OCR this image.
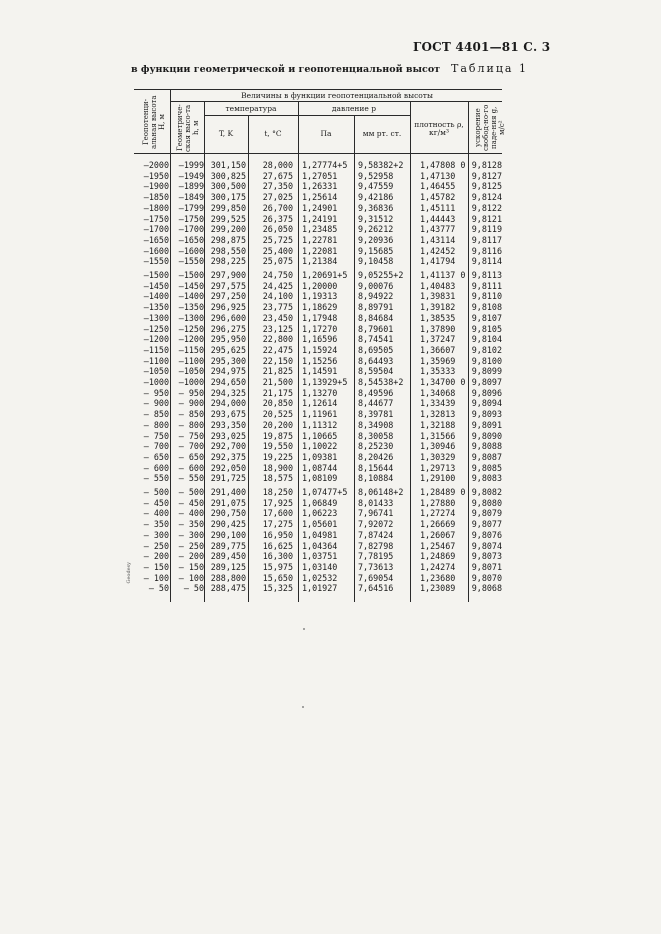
ГОСТ 4401—81 С. 3
в функции геометрической и геопотенциальной высот Таблица 1
Geodesy
Величины в функции геопотенциальной высоты
Геопотенци-альная высота H, м Геометриче-ская высо-та h, м
температура
T, K	t, °C
давление p
Па	мм рт. ст.
плотность ρ, кг/м³	ускорение свобод-но-го паде-ния g, м/с²
—2000	—1999 301,150	28,000 1,27774+5	9,58382+2	1,47808 0 9,8128
—1950	—1949 300,825	27,675 1,27051	9,52958	1,47130	9,8127
—1900	—1899 300,500	27,350 1,26331	9,47559	1,46455	9,8125
—1850	—1849 300,175	27,025 1,25614	9,42186	1,45782	9,8124
—1800	—1799 299,850	26,700 1,24901	9,36836	1,45111	9,8122
—1750	—1750 299,525	26,375 1,24191	9,31512	1,44443	9,8121
—1700	—1700 299,200	26,050 1,23485	9,26212	1,43777	9,8119
—1650	—1650 298,875	25,725 1,22781	9,20936	1,43114	9,8117
—1600	—1600 298,550	25,400 1,22081	9,15685	1,42452	9,8116
—1550	—1550 298,225	25,075 1,21384	9,10458	1,41794	9,8114
—1500	—1500 297,900	24,750 1,20691+5	9,05255+2	1,41137 0 9,8113
—1450	—1450 297,575	24,425 1,20000	9,00076	1,40483	9,8111
—1400	—1400 297,250	24,100 1,19313	8,94922	1,39831	9,8110
—1350	—1350 296,925	23,775 1,18629	8,89791	1,39182	9,8108
—1300	—1300 296,600	23,450 1,17948	8,84684	1,38535	9,8107
—1250	—1250 296,275	23,125 1,17270	8,79601	1,37890	9,8105
—1200	—1200 295,950	22,800 1,16596	8,74541	1,37247	9,8104
—1150	—1150 295,625	22,475 1,15924	8,69505	1,36607	9,8102
—1100	—1100 295,300	22,150 1,15256	8,64493	1,35969	9,8100
—1050	—1050 294,975	21,825 1,14591	8,59504	1,35333	9,8099
—1000	—1000 294,650	21,500 1,13929+5	8,54538+2	1,34700 0 9,8097
— 950	— 950 294,325	21,175 1,13270	8,49596	1,34068	9,8096
— 900	— 900 294,000	20,850 1,12614	8,44677	1,33439	9,8094
— 850	— 850 293,675	20,525 1,11961	8,39781	1,32813	9,8093
— 800	— 800 293,350	20,200 1,11312	8,34908	1,32188	9,8091
— 750	— 750 293,025	19,875 1,10665	8,30058	1,31566	9,8090
— 700	— 700 292,700	19,550 1,10022	8,25230	1,30946	9,8088
— 650	— 650 292,375	19,225 1,09381	8,20426	1,30329	9,8087
— 600	— 600 292,050	18,900 1,08744	8,15644	1,29713	9,8085
— 550	— 550 291,725	18,575 1,08109	8,10884	1,29100	9,8083
— 500	— 500 291,400	18,250 1,07477+5	8,06148+2	1,28489 0 9,8082
— 450	— 450 291,075	17,925 1,06849	8,01433	1,27880	9,8080
— 400	— 400 290,750	17,600 1,06223	7,96741	1,27274	9,8079
— 350	— 350 290,425	17,275 1,05601	7,92072	1,26669	9,8077
— 300	— 300 290,100	16,950 1,04981	7,87424	1,26067	9,8076
— 250	— 250 289,775	16,625 1,04364	7,82798	1,25467	9,8074
— 200	— 200 289,450	16,300 1,03751	7,78195	1,24869	9,8073
— 150	— 150 289,125	15,975 1,03140	7,73613	1,24274	9,8071
— 100	— 100 288,800	15,650 1,02532	7,69054	1,23680	9,8070
— 50	— 50 288,475	15,325 1,01927	7,64516	1,23089	9,8068
